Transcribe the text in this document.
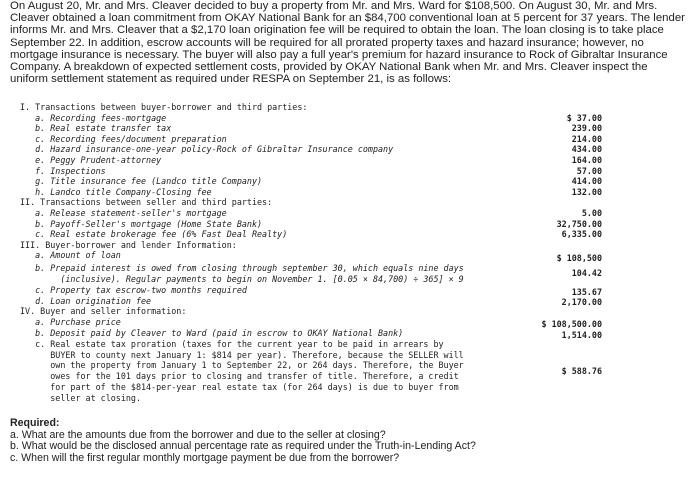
On August 20, Mr. and Mrs. Cleaver decided to buy a property from Mr. and Mrs. Ward for $108,500. On August 30, Mr. and Mrs.
Cleaver obtained a loan commitment from OKAY National Bank for an $84,700 conventional loan at 5 percent for 37 years. The lender
informs Mr. and Mrs. Cleaver that a $2,170 loan origination fee will be required to obtain the loan. The loan closing is to take place
September 22. In addition, escrow accounts will be required for all prorated property taxes and hazard insurance; however, no
mortgage insurance is necessary. The buyer will also pay a full year's premium for hazard insurance to Rock of Gibraltar Insurance
Company. A breakdown of expected settlement costs, provided by OKAY National Bank when Mr. and Mrs. Cleaver inspect the
uniform settlement statement as required under RESPA on September 21, is as follows:
I. Transactions between buyer-borrower and third parties:
a. Recording fees-mortgage
b. Real estate transfer tax
c. Recording fees/document preparation
d. Hazard insurance-one-year policy-Rock of Gibraltar Insurance company
e. Peggy Prudent-attorney
f. Inspections
g. Title insurance fee (Landco title Company)
h. Landco title Company-Closing fee
II. Transactions between seller and third parties:
a. Release statement-seller's mortgage
b. Payoff-Seller's mortgage (Home State Bank)
c. Real estate brokerage fee (6% Fast Deal Realty)
III. Buyer-borrower and lender Information:
a. Amount of loan
b. Prepaid interest is owed from closing through september 30, which equals nine days
(inclusive). Regular payments to begin on November 1. [0.05 × 84,700) ÷ 365] × 9
c. Property tax escrow-two months required
d. Loan origination fee
IV. Buyer and seller information:
a. Purchase price
b. Deposit paid by Cleaver to Ward (paid in escrow to OKAY National Bank)
c. Real estate tax proration (taxes for the current year to be paid in arrears by
BUYER to county next January 1: $814 per year). Therefore, because the SELLER will
own the property from January 1 to September 22, or 264 days. Therefore, the Buyer
owes for the 101 days prior to closing and transfer of title. Therefore, a credit
for part of the $814-per-year real estate tax (for 264 days) is due to buyer from
seller at closing.
$ 37.00
239.00
214.00
434.00
164.00
57.00
414.00
132.00
5.00
32,750.00
6,335.00
$ 108,500
104.42
135.67
2,170.00
$ 108,500.00
1,514.00
$ 588.76
Required:
a. What are the amounts due from the borrower and due to the seller at closing?
b. What would be the disclosed annual percentage rate as required under the Truth-in-Lending Act?
c. When will the first regular monthly mortgage payment be due from the borrower?
